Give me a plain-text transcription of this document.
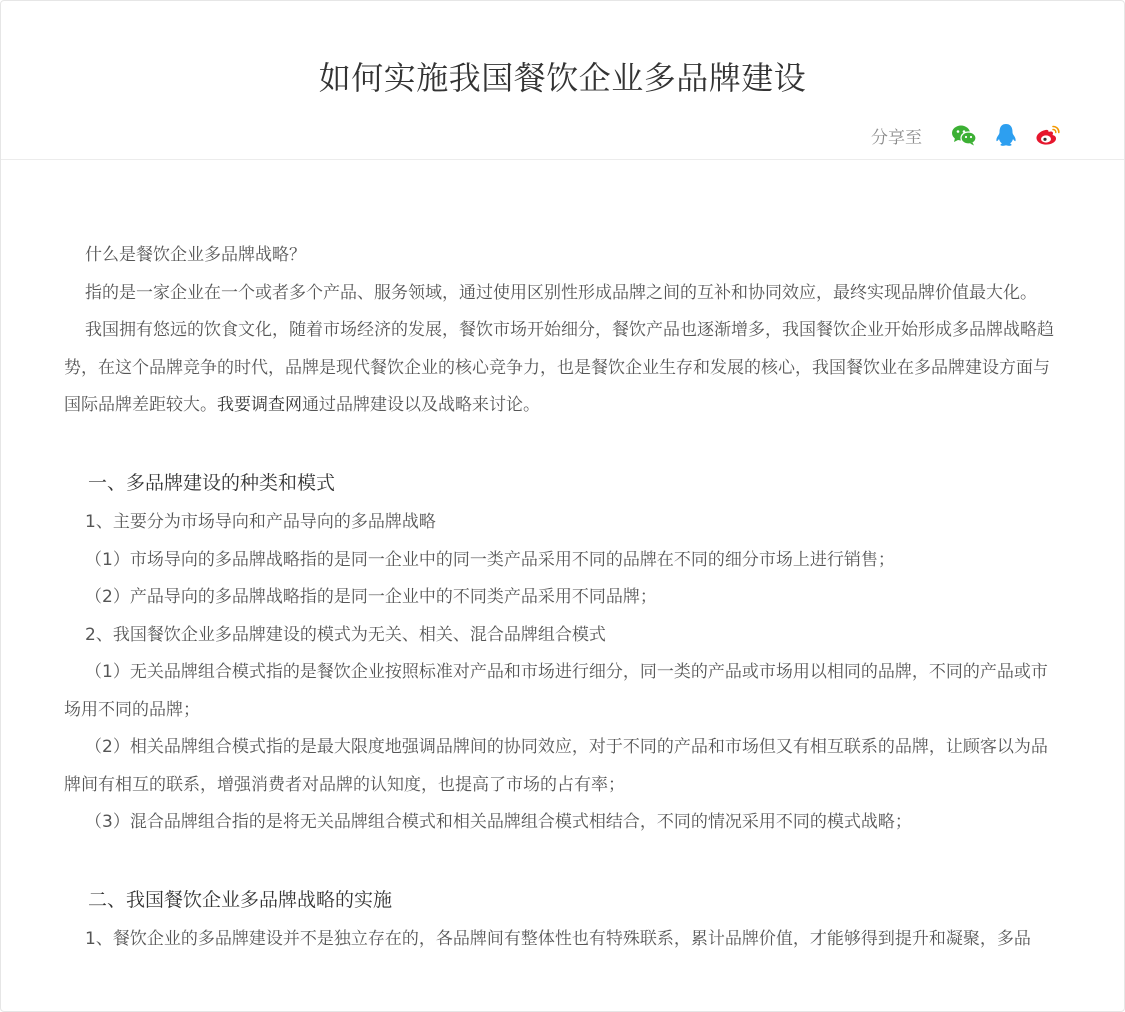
如何实施我国餐饮企业多品牌建设
分享至

什么是餐饮企业多品牌战略？

指的是一家企业在一个或者多个产品、服务领域，通过使用区别性形成品牌之间的互补和协同效应，最终实现品牌价值最大化。

我国拥有悠远的饮食文化，随着市场经济的发展，餐饮市场开始细分，餐饮产品也逐渐增多，我国餐饮企业开始形成多品牌战略趋势，在这个品牌竞争的时代，品牌是现代餐饮企业的核心竞争力，也是餐饮企业生存和发展的核心，我国餐饮业在多品牌建设方面与国际品牌差距较大。我要调查网通过品牌建设以及战略来讨论。

一、多品牌建设的种类和模式

1、主要分为市场导向和产品导向的多品牌战略

（1）市场导向的多品牌战略指的是同一企业中的同一类产品采用不同的品牌在不同的细分市场上进行销售；

（2）产品导向的多品牌战略指的是同一企业中的不同类产品采用不同品牌；

2、我国餐饮企业多品牌建设的模式为无关、相关、混合品牌组合模式

（1）无关品牌组合模式指的是餐饮企业按照标准对产品和市场进行细分，同一类的产品或市场用以相同的品牌，不同的产品或市场用不同的品牌；

（2）相关品牌组合模式指的是最大限度地强调品牌间的协同效应，对于不同的产品和市场但又有相互联系的品牌，让顾客以为品牌间有相互的联系，增强消费者对品牌的认知度，也提高了市场的占有率；

（3）混合品牌组合指的是将无关品牌组合模式和相关品牌组合模式相结合，不同的情况采用不同的模式战略；

二、我国餐饮企业多品牌战略的实施

1、餐饮企业的多品牌建设并不是独立存在的，各品牌间有整体性也有特殊联系，累计品牌价值，才能够得到提升和凝聚，多品
